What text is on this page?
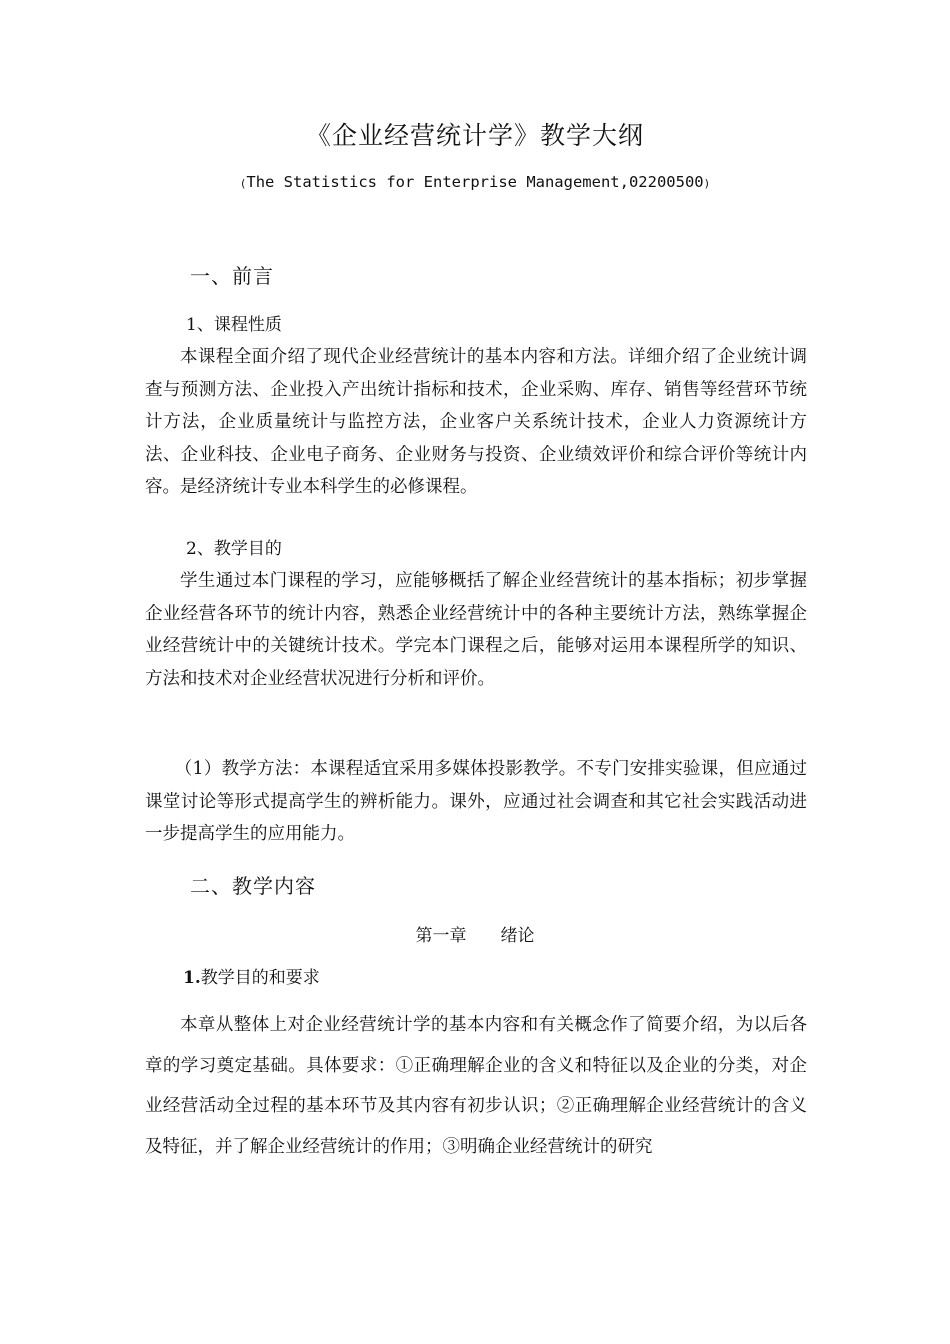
《企业经营统计学》教学大纲
(The Statistics for Enterprise Management,02200500)
一、前言
1、课程性质

本课程全面介绍了现代企业经营统计的基本内容和方法。详细介绍了企业统计调查与预测方法、企业投入产出统计指标和技术，企业采购、库存、销售等经营环节统计方法，企业质量统计与监控方法，企业客户关系统计技术，企业人力资源统计方法、企业科技、企业电子商务、企业财务与投资、企业绩效评价和综合评价等统计内容。是经济统计专业本科学生的必修课程。

2、教学目的

学生通过本门课程的学习，应能够概括了解企业经营统计的基本指标；初步掌握企业经营各环节的统计内容，熟悉企业经营统计中的各种主要统计方法，熟练掌握企业经营统计中的关键统计技术。学完本门课程之后，能够对运用本课程所学的知识、方法和技术对企业经营状况进行分析和评价。

（1）教学方法：本课程适宜采用多媒体投影教学。不专门安排实验课，但应通过课堂讨论等形式提高学生的辨析能力。课外，应通过社会调查和其它社会实践活动进一步提高学生的应用能力。

二、教学内容
第一章 绪论
1.教学目的和要求

本章从整体上对企业经营统计学的基本内容和有关概念作了简要介绍，为以后各章的学习奠定基础。具体要求：①正确理解企业的含义和特征以及企业的分类，对企业经营活动全过程的基本环节及其内容有初步认识；②正确理解企业经营统计的含义及特征，并了解企业经营统计的作用；③明确企业经营统计的研究
